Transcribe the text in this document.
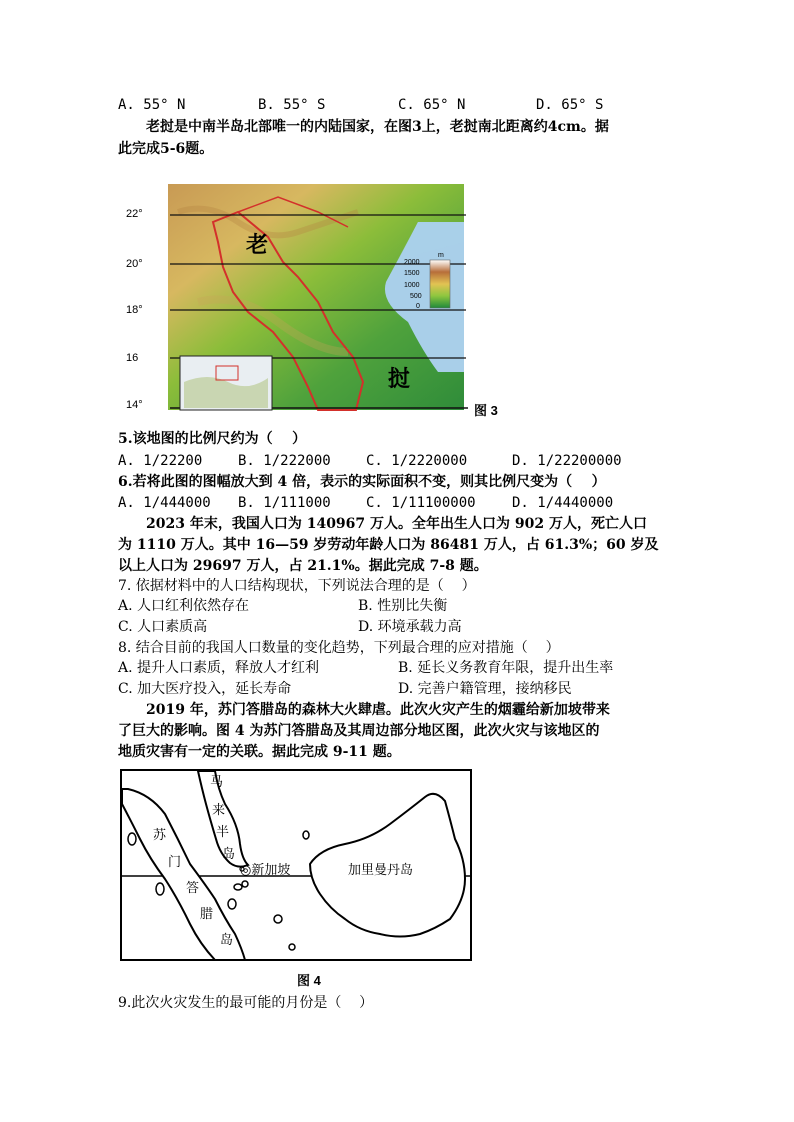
A. 55° N	B. 55° S	C. 65° N	D. 65° S
老挝是中南半岛北部唯一的内陆国家，在图3上，老挝南北距离约4cm。据
此完成5-6题。
22°
20°
18°
16
14°
m
2000
1500
1000
500
0
老
挝
图 3
5.该地图的比例尺约为（    ）
A. 1/22200	B. 1/222000	C. 1/2220000	D. 1/22200000
6.若将此图的图幅放大到 4 倍，表示的实际面积不变，则其比例尺变为（    ）
A. 1/444000 B. 1/111000	C. 1/11100000	D. 1/4440000
2023 年末，我国人口为 140967 万人。全年出生人口为 902 万人，死亡人口
为 1110 万人。其中 16—59 岁劳动年龄人口为 86481 万人，占 61.3%；60 岁及
以上人口为 29697 万人，占 21.1%。据此完成 7-8 题。
7. 依据材料中的人口结构现状，下列说法合理的是（    ）
A. 人口红利依然存在	B. 性别比失衡
C. 人口素质高	D. 环境承载力高
8. 结合目前的我国人口数量的变化趋势，下列最合理的应对措施（    ）
A. 提升人口素质，释放人才红利	B. 延长义务教育年限，提升出生率
C. 加大医疗投入，延长寿命	D. 完善户籍管理，接纳移民
2019 年，苏门答腊岛的森林大火肆虐。此次火灾产生的烟霾给新加坡带来
了巨大的影响。图 4 为苏门答腊岛及其周边部分地区图，此次火灾与该地区的
地质灾害有一定的关联。据此完成 9-11 题。
马
来
半
岛
苏
门
答
腊
岛
◎新加坡	加里曼丹岛
图 4
9.此次火灾发生的最可能的月份是（    ）
